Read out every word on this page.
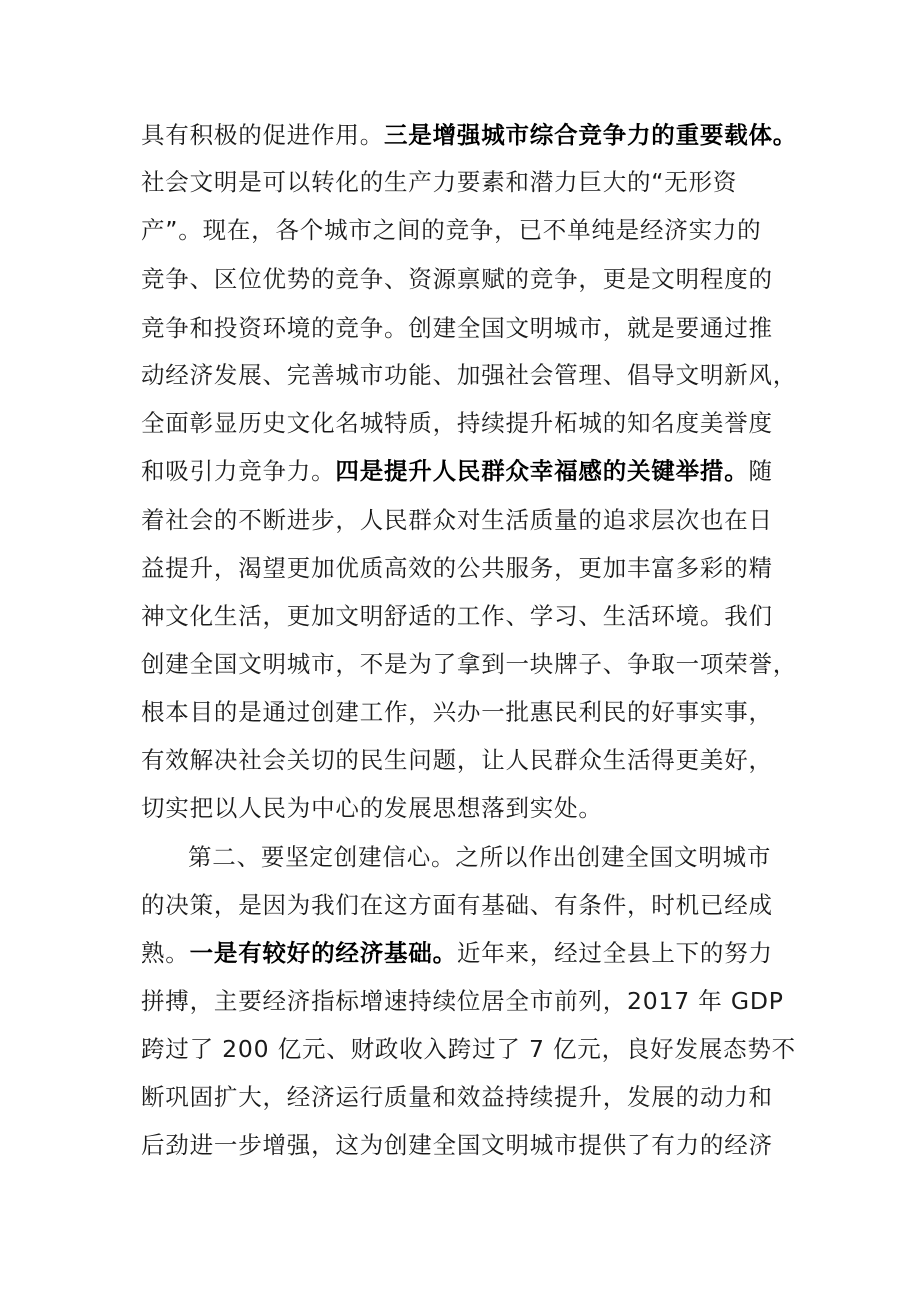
具有积极的促进作用。三是增强城市综合竞争力的重要载体。
社会文明是可以转化的生产力要素和潜力巨大的“无形资
产”。现在，各个城市之间的竞争，已不单纯是经济实力的
竞争、区位优势的竞争、资源禀赋的竞争，更是文明程度的
竞争和投资环境的竞争。创建全国文明城市，就是要通过推
动经济发展、完善城市功能、加强社会管理、倡导文明新风，
全面彰显历史文化名城特质，持续提升柘城的知名度美誉度
和吸引力竞争力。四是提升人民群众幸福感的关键举措。随
着社会的不断进步，人民群众对生活质量的追求层次也在日
益提升，渴望更加优质高效的公共服务，更加丰富多彩的精
神文化生活，更加文明舒适的工作、学习、生活环境。我们
创建全国文明城市，不是为了拿到一块牌子、争取一项荣誉，
根本目的是通过创建工作，兴办一批惠民利民的好事实事，
有效解决社会关切的民生问题，让人民群众生活得更美好，
切实把以人民为中心的发展思想落到实处。
第二、要坚定创建信心。之所以作出创建全国文明城市
的决策，是因为我们在这方面有基础、有条件，时机已经成
熟。一是有较好的经济基础。近年来，经过全县上下的努力
拼搏，主要经济指标增速持续位居全市前列，2017 年 GDP
跨过了 200 亿元、财政收入跨过了 7 亿元，良好发展态势不
断巩固扩大，经济运行质量和效益持续提升，发展的动力和
后劲进一步增强，这为创建全国文明城市提供了有力的经济
